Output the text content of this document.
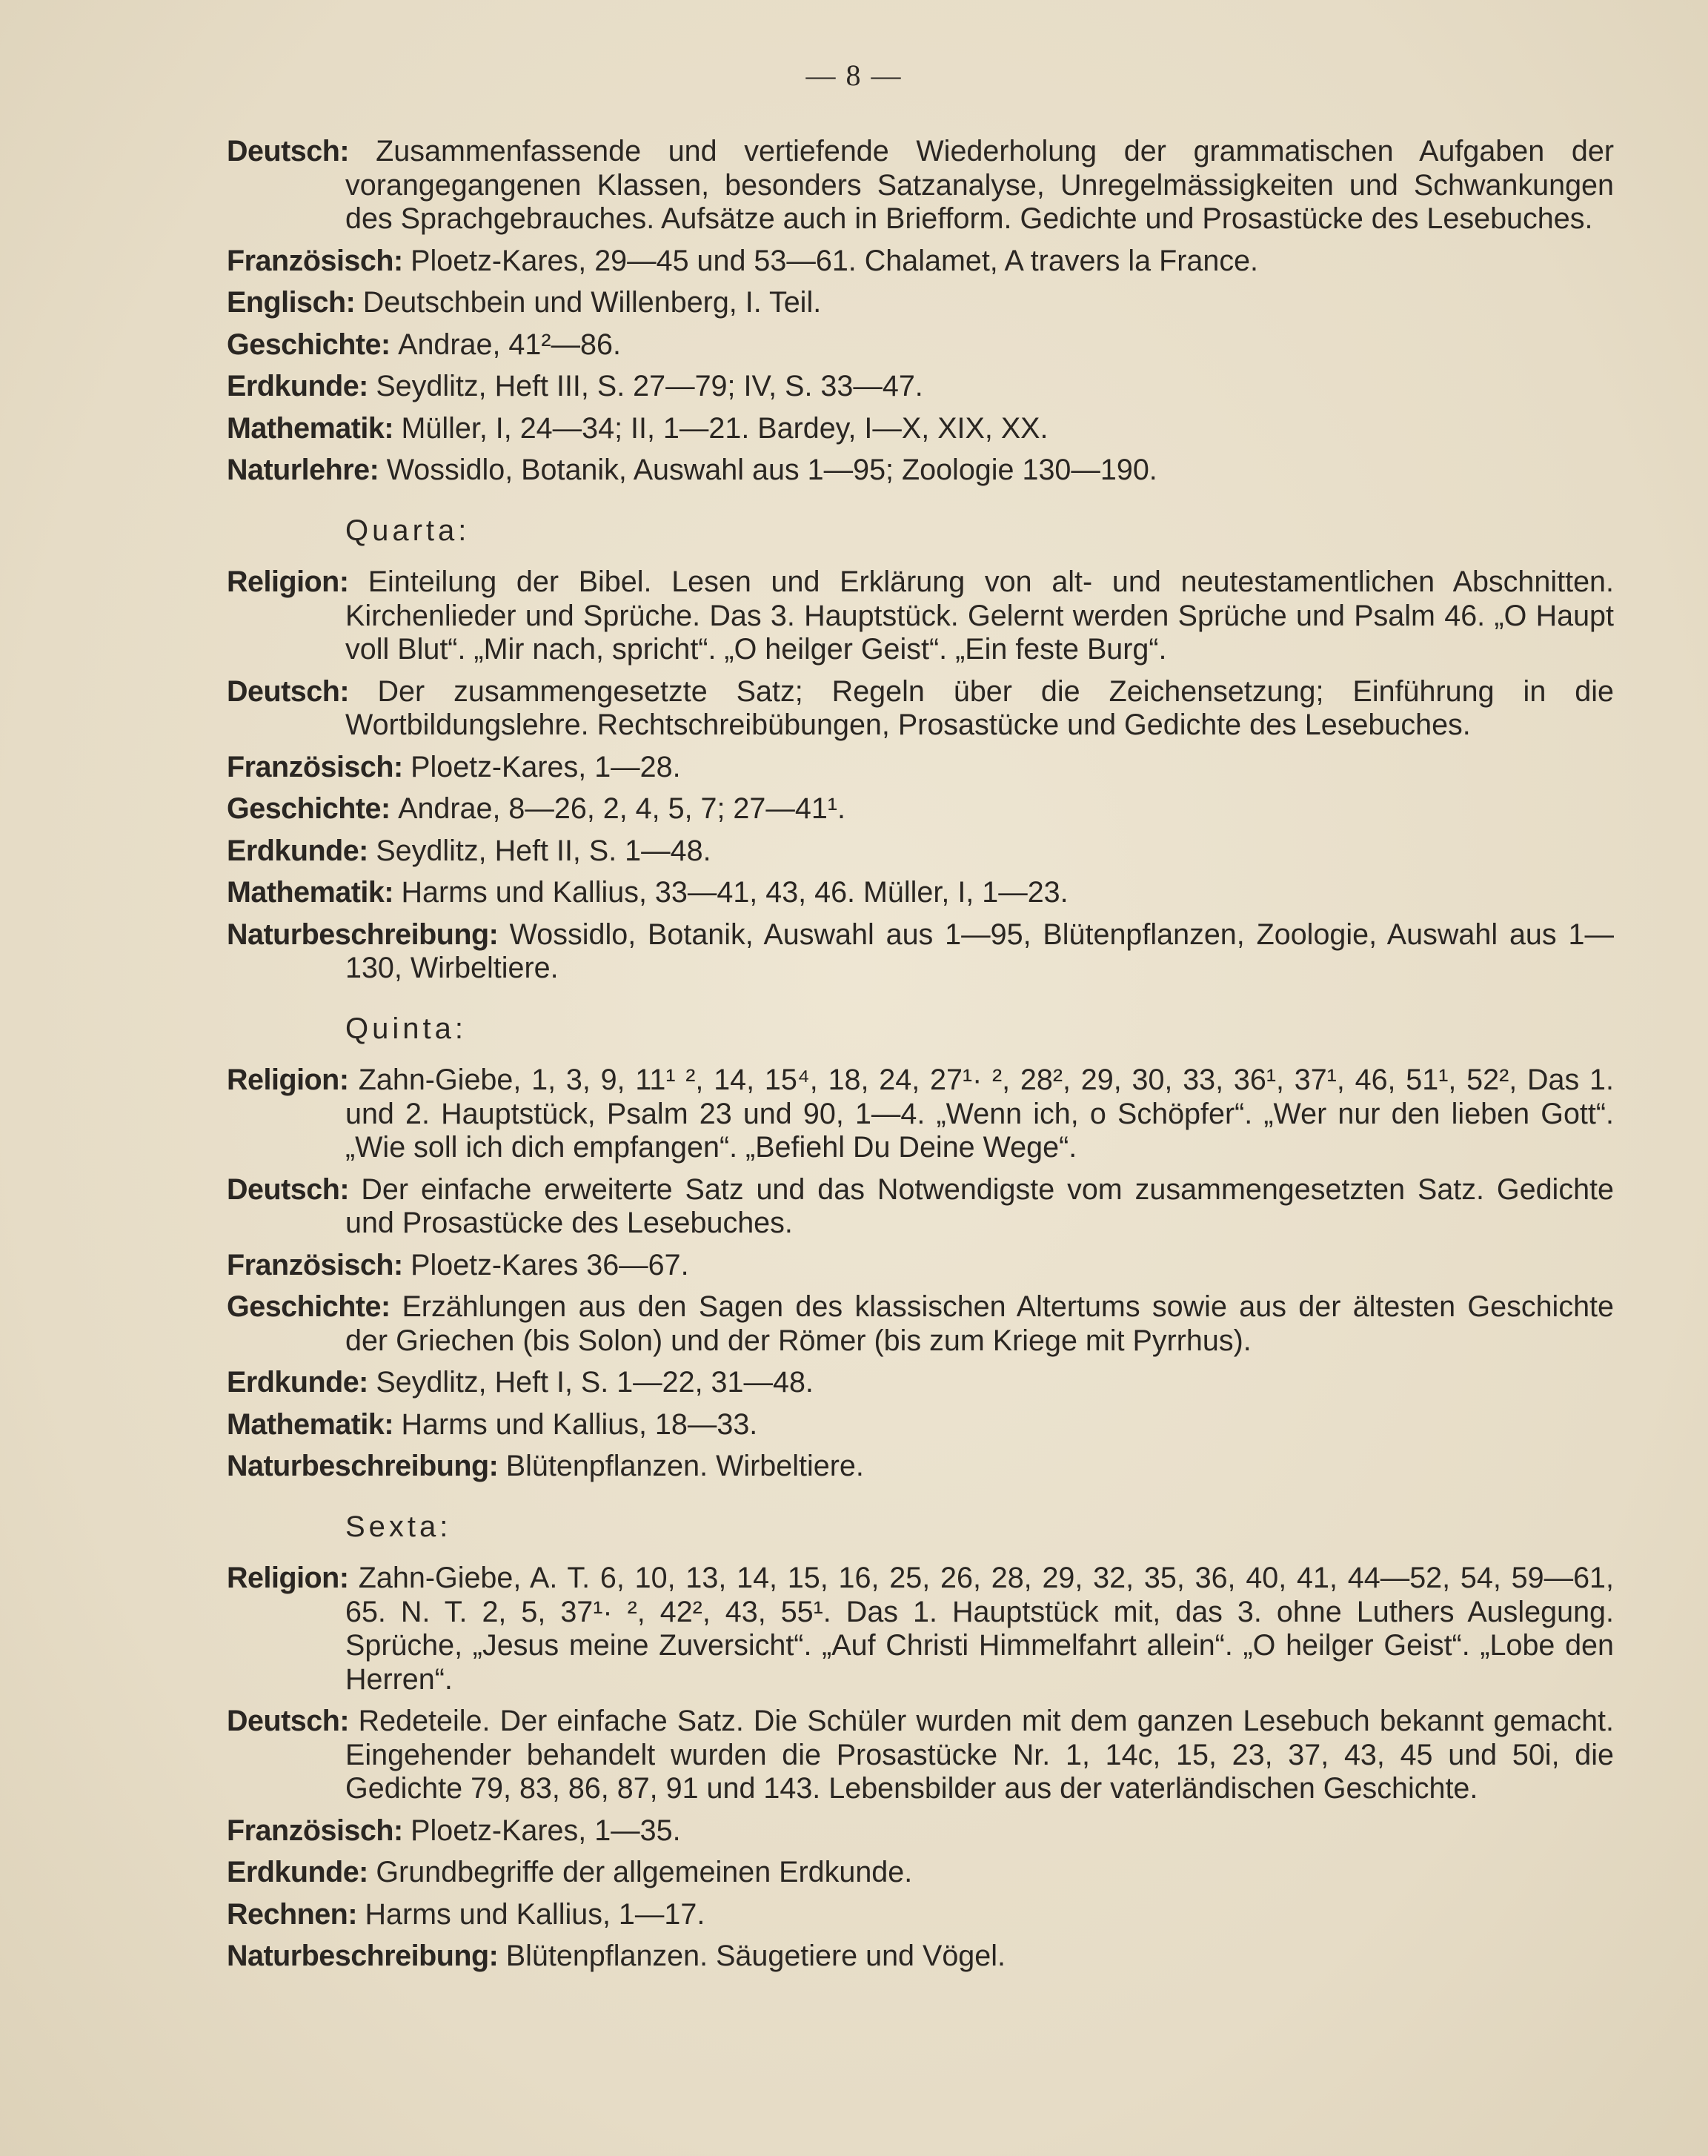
— 8 —
Deutsch: Zusammenfassende und vertiefende Wiederholung der grammatischen Aufgaben der vorangegangenen Klassen, besonders Satzanalyse, Unregelmässigkeiten und Schwankungen des Sprachgebrauches. Aufsätze auch in Briefform. Gedichte und Prosastücke des Lesebuches.
Französisch: Ploetz-Kares, 29—45 und 53—61. Chalamet, A travers la France.
Englisch: Deutschbein und Willenberg, I. Teil.
Geschichte: Andrae, 41²—86.
Erdkunde: Seydlitz, Heft III, S. 27—79; IV, S. 33—47.
Mathematik: Müller, I, 24—34; II, 1—21. Bardey, I—X, XIX, XX.
Naturlehre: Wossidlo, Botanik, Auswahl aus 1—95; Zoologie 130—190.
Quarta:
Religion: Einteilung der Bibel. Lesen und Erklärung von alt- und neutestamentlichen Abschnitten. Kirchenlieder und Sprüche. Das 3. Hauptstück. Gelernt werden Sprüche und Psalm 46. „O Haupt voll Blut“. „Mir nach, spricht“. „O heilger Geist“. „Ein feste Burg“.
Deutsch: Der zusammengesetzte Satz; Regeln über die Zeichensetzung; Einführung in die Wortbildungslehre. Rechtschreibübungen, Prosastücke und Gedichte des Lesebuches.
Französisch: Ploetz-Kares, 1—28.
Geschichte: Andrae, 8—26, 2, 4, 5, 7; 27—41¹.
Erdkunde: Seydlitz, Heft II, S. 1—48.
Mathematik: Harms und Kallius, 33—41, 43, 46. Müller, I, 1—23.
Naturbeschreibung: Wossidlo, Botanik, Auswahl aus 1—95, Blütenpflanzen, Zoologie, Auswahl aus 1—130, Wirbeltiere.
Quinta:
Religion: Zahn-Giebe, 1, 3, 9, 11¹ ², 14, 15⁴, 18, 24, 27¹· ², 28², 29, 30, 33, 36¹, 37¹, 46, 51¹, 52², Das 1. und 2. Hauptstück, Psalm 23 und 90, 1—4. „Wenn ich, o Schöpfer“. „Wer nur den lieben Gott“. „Wie soll ich dich empfangen“. „Befiehl Du Deine Wege“.
Deutsch: Der einfache erweiterte Satz und das Notwendigste vom zusammengesetzten Satz. Gedichte und Prosastücke des Lesebuches.
Französisch: Ploetz-Kares 36—67.
Geschichte: Erzählungen aus den Sagen des klassischen Altertums sowie aus der ältesten Geschichte der Griechen (bis Solon) und der Römer (bis zum Kriege mit Pyrrhus).
Erdkunde: Seydlitz, Heft I, S. 1—22, 31—48.
Mathematik: Harms und Kallius, 18—33.
Naturbeschreibung: Blütenpflanzen. Wirbeltiere.
Sexta:
Religion: Zahn-Giebe, A. T. 6, 10, 13, 14, 15, 16, 25, 26, 28, 29, 32, 35, 36, 40, 41, 44—52, 54, 59—61, 65. N. T. 2, 5, 37¹· ², 42², 43, 55¹. Das 1. Hauptstück mit, das 3. ohne Luthers Auslegung. Sprüche, „Jesus meine Zuversicht“. „Auf Christi Himmelfahrt allein“. „O heilger Geist“. „Lobe den Herren“.
Deutsch: Redeteile. Der einfache Satz. Die Schüler wurden mit dem ganzen Lesebuch bekannt gemacht. Eingehender behandelt wurden die Prosastücke Nr. 1, 14c, 15, 23, 37, 43, 45 und 50i, die Gedichte 79, 83, 86, 87, 91 und 143. Lebensbilder aus der vaterländischen Geschichte.
Französisch: Ploetz-Kares, 1—35.
Erdkunde: Grundbegriffe der allgemeinen Erdkunde.
Rechnen: Harms und Kallius, 1—17.
Naturbeschreibung: Blütenpflanzen. Säugetiere und Vögel.
